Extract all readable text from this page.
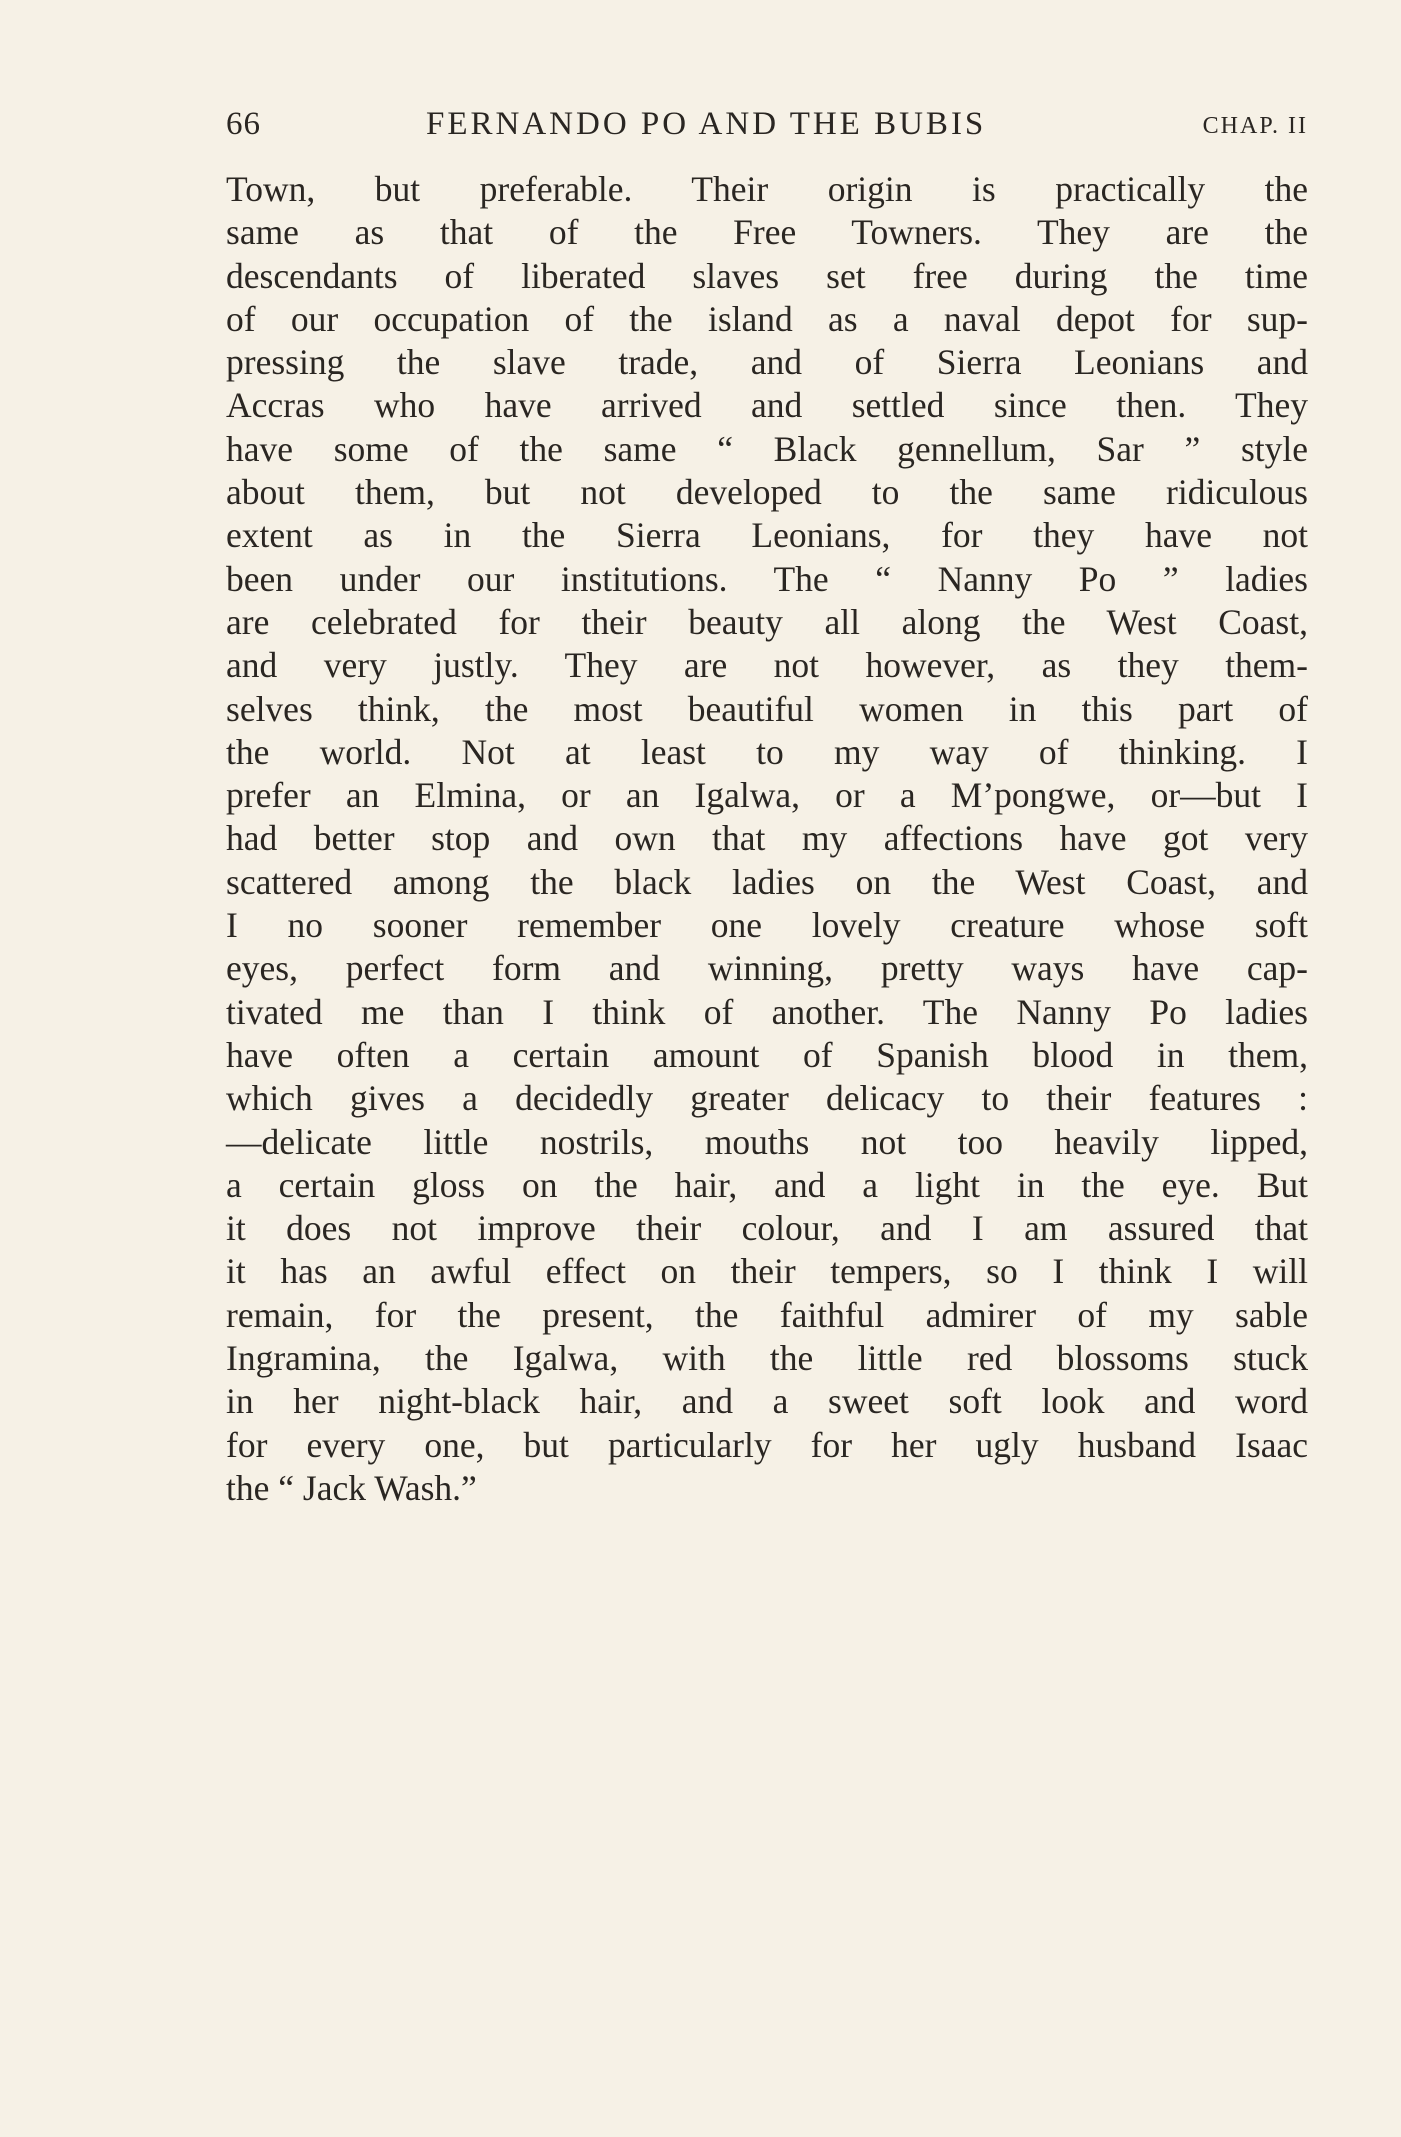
66	FERNANDO PO AND THE BUBIS	CHAP. II
Town, but preferable. Their origin is practically the
same as that of the Free Towners. They are the
descendants of liberated slaves set free during the time
of our occupation of the island as a naval depot for sup-
pressing the slave trade, and of Sierra Leonians and
Accras who have arrived and settled since then. They
have some of the same “ Black gennellum, Sar ” style
about them, but not developed to the same ridiculous
extent as in the Sierra Leonians, for they have not
been under our institutions. The “ Nanny Po ” ladies
are celebrated for their beauty all along the West Coast,
and very justly. They are not however, as they them-
selves think, the most beautiful women in this part of
the world. Not at least to my way of thinking. I
prefer an Elmina, or an Igalwa, or a M’pongwe, or—but I
had better stop and own that my affections have got very
scattered among the black ladies on the West Coast, and
I no sooner remember one lovely creature whose soft
eyes, perfect form and winning, pretty ways have cap-
tivated me than I think of another. The Nanny Po ladies
have often a certain amount of Spanish blood in them,
which gives a decidedly greater delicacy to their features :
—delicate little nostrils, mouths not too heavily lipped,
a certain gloss on the hair, and a light in the eye. But
it does not improve their colour, and I am assured that
it has an awful effect on their tempers, so I think I will
remain, for the present, the faithful admirer of my sable
Ingramina, the Igalwa, with the little red blossoms stuck
in her night-black hair, and a sweet soft look and word
for every one, but particularly for her ugly husband Isaac
the “ Jack Wash.”
